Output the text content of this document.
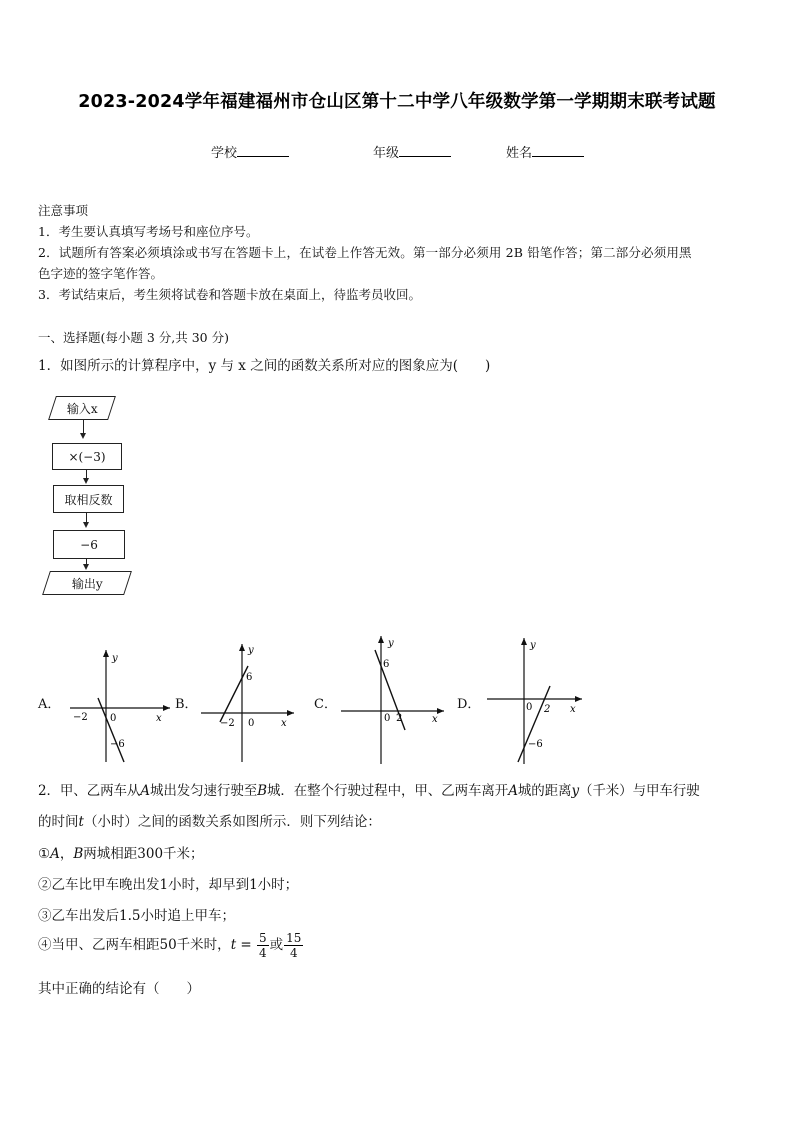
2023-2024学年福建福州市仓山区第十二中学八年级数学第一学期期末联考试题
学校	年级	姓名
注意事项
1．考生要认真填写考场号和座位序号。
2．试题所有答案必须填涂或书写在答题卡上，在试卷上作答无效。第一部分必须用 2B 铅笔作答；第二部分必须用黑
色字迹的签字笔作答。
3．考试结束后，考生须将试卷和答题卡放在桌面上，待监考员收回。
一、选择题(每小题 3 分,共 30 分)
1．如图所示的计算程序中，y 与 x 之间的函数关系所对应的图象应为(　　)
输入x
×(−3)
取相反数
−6
输出y
A．	B．	C．	D．
y
x
0
−2
−6
y
x
0
−2
6
y
x
0 2
6
y
x
0 2
−6
2．甲、乙两车从A城出发匀速行驶至B城．在整个行驶过程中，甲、乙两车离开A城的距离y（千米）与甲车行驶
的时间t（小时）之间的函数关系如图所示．则下列结论：
①A，B两城相距300千米；
②乙车比甲车晚出发1小时，却早到1小时；
③乙车出发后1.5小时追上甲车；
④当甲、乙两车相距50千米时，$t = \frac{5}{4}$ 或 $\frac{15}{4}$
其中正确的结论有（　　）
